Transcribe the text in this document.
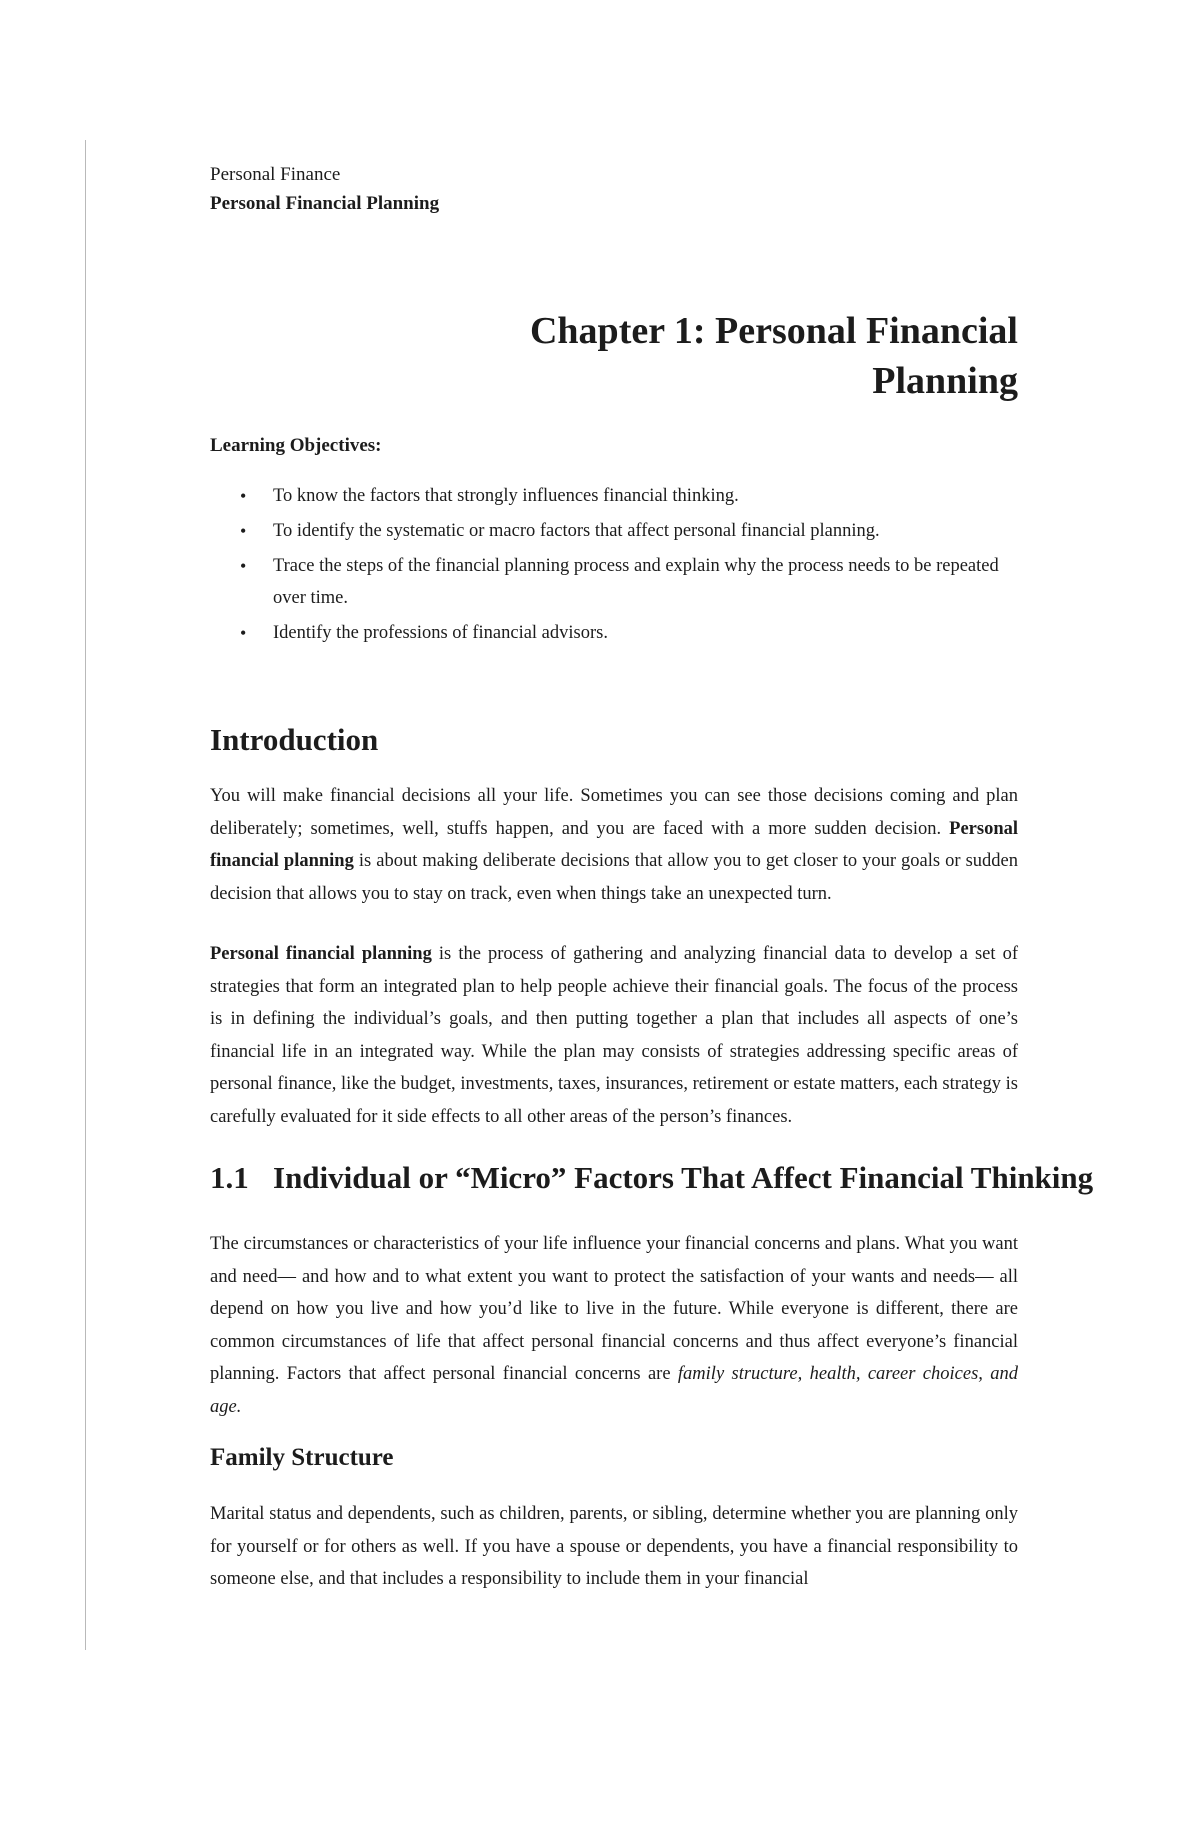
Personal Finance

Personal Financial Planning

Chapter 1: Personal Financial Planning

Learning Objectives:

• To know the factors that strongly influences financial thinking.
• To identify the systematic or macro factors that affect personal financial planning.
• Trace the steps of the financial planning process and explain why the process needs to be repeated over time.
• Identify the professions of financial advisors.
Introduction

You will make financial decisions all your life. Sometimes you can see those decisions coming and plan deliberately; sometimes, well, stuffs happen, and you are faced with a more sudden decision. Personal financial planning is about making deliberate decisions that allow you to get closer to your goals or sudden decision that allows you to stay on track, even when things take an unexpected turn.

Personal financial planning is the process of gathering and analyzing financial data to develop a set of strategies that form an integrated plan to help people achieve their financial goals. The focus of the process is in defining the individual’s goals, and then putting together a plan that includes all aspects of one’s financial life in an integrated way. While the plan may consists of strategies addressing specific areas of personal finance, like the budget, investments, taxes, insurances, retirement or estate matters, each strategy is carefully evaluated for it side effects to all other areas of the person’s finances.

1.1 Individual or “Micro” Factors That Affect Financial Thinking

The circumstances or characteristics of your life influence your financial concerns and plans. What you want and need— and how and to what extent you want to protect the satisfaction of your wants and needs— all depend on how you live and how you’d like to live in the future. While everyone is different, there are common circumstances of life that affect personal financial concerns and thus affect everyone’s financial planning. Factors that affect personal financial concerns are family structure, health, career choices, and age.

Family Structure

Marital status and dependents, such as children, parents, or sibling, determine whether you are planning only for yourself or for others as well. If you have a spouse or dependents, you have a financial responsibility to someone else, and that includes a responsibility to include them in your financial
